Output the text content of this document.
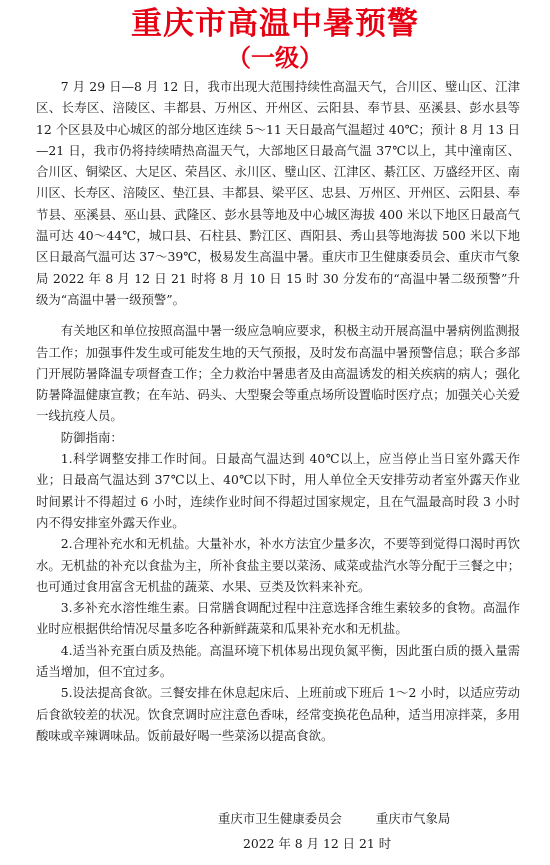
重庆市高温中暑预警
（一级）

7 月 29 日—8 月 12 日，我市出现大范围持续性高温天气，合川区、璧山区、江津区、长寿区、涪陵区、丰都县、万州区、开州区、云阳县、奉节县、巫溪县、彭水县等 12 个区县及中心城区的部分地区连续 5～11 天日最高气温超过 40℃；预计 8 月 13 日—21 日，我市仍将持续晴热高温天气，大部地区日最高气温 37℃以上，其中潼南区、合川区、铜梁区、大足区、荣昌区、永川区、璧山区、江津区、綦江区、万盛经开区、南川区、长寿区、涪陵区、垫江县、丰都县、梁平区、忠县、万州区、开州区、云阳县、奉节县、巫溪县、巫山县、武隆区、彭水县等地及中心城区海拔 400 米以下地区日最高气温可达 40～44℃，城口县、石柱县、黔江区、酉阳县、秀山县等地海拔 500 米以下地区日最高气温可达 37～39℃，极易发生高温中暑。重庆市卫生健康委员会、重庆市气象局 2022 年 8 月 12 日 21 时将 8 月 10 日 15 时 30 分发布的“高温中暑二级预警”升级为“高温中暑一级预警”。

有关地区和单位按照高温中暑一级应急响应要求，积极主动开展高温中暑病例监测报告工作；加强事件发生或可能发生地的天气预报，及时发布高温中暑预警信息；联合多部门开展防暑降温专项督查工作；全力救治中暑患者及由高温诱发的相关疾病的病人；强化防暑降温健康宣教；在车站、码头、大型聚会等重点场所设置临时医疗点；加强关心关爱一线抗疫人员。

防御指南：

1.科学调整安排工作时间。日最高气温达到 40℃以上，应当停止当日室外露天作业；日最高气温达到 37℃以上、40℃以下时，用人单位全天安排劳动者室外露天作业时间累计不得超过 6 小时，连续作业时间不得超过国家规定，且在气温最高时段 3 小时内不得安排室外露天作业。

2.合理补充水和无机盐。大量补水，补水方法宜少量多次，不要等到觉得口渴时再饮水。无机盐的补充以食盐为主，所补食盐主要以菜汤、咸菜或盐汽水等分配于三餐之中；也可通过食用富含无机盐的蔬菜、水果、豆类及饮料来补充。

3.多补充水溶性维生素。日常膳食调配过程中注意选择含维生素较多的食物。高温作业时应根据供给情况尽量多吃各种新鲜蔬菜和瓜果补充水和无机盐。

4.适当补充蛋白质及热能。高温环境下机体易出现负氮平衡，因此蛋白质的摄入量需适当增加，但不宜过多。

5.设法提高食欲。三餐安排在休息起床后、上班前或下班后 1～2 小时，以适应劳动后食欲较差的状况。饮食烹调时应注意色香味，经常变换花色品种，适当用凉拌菜，多用酸味或辛辣调味品。饭前最好喝一些菜汤以提高食欲。

重庆市卫生健康委员会	重庆市气象局
2022 年 8 月 12 日 21 时
